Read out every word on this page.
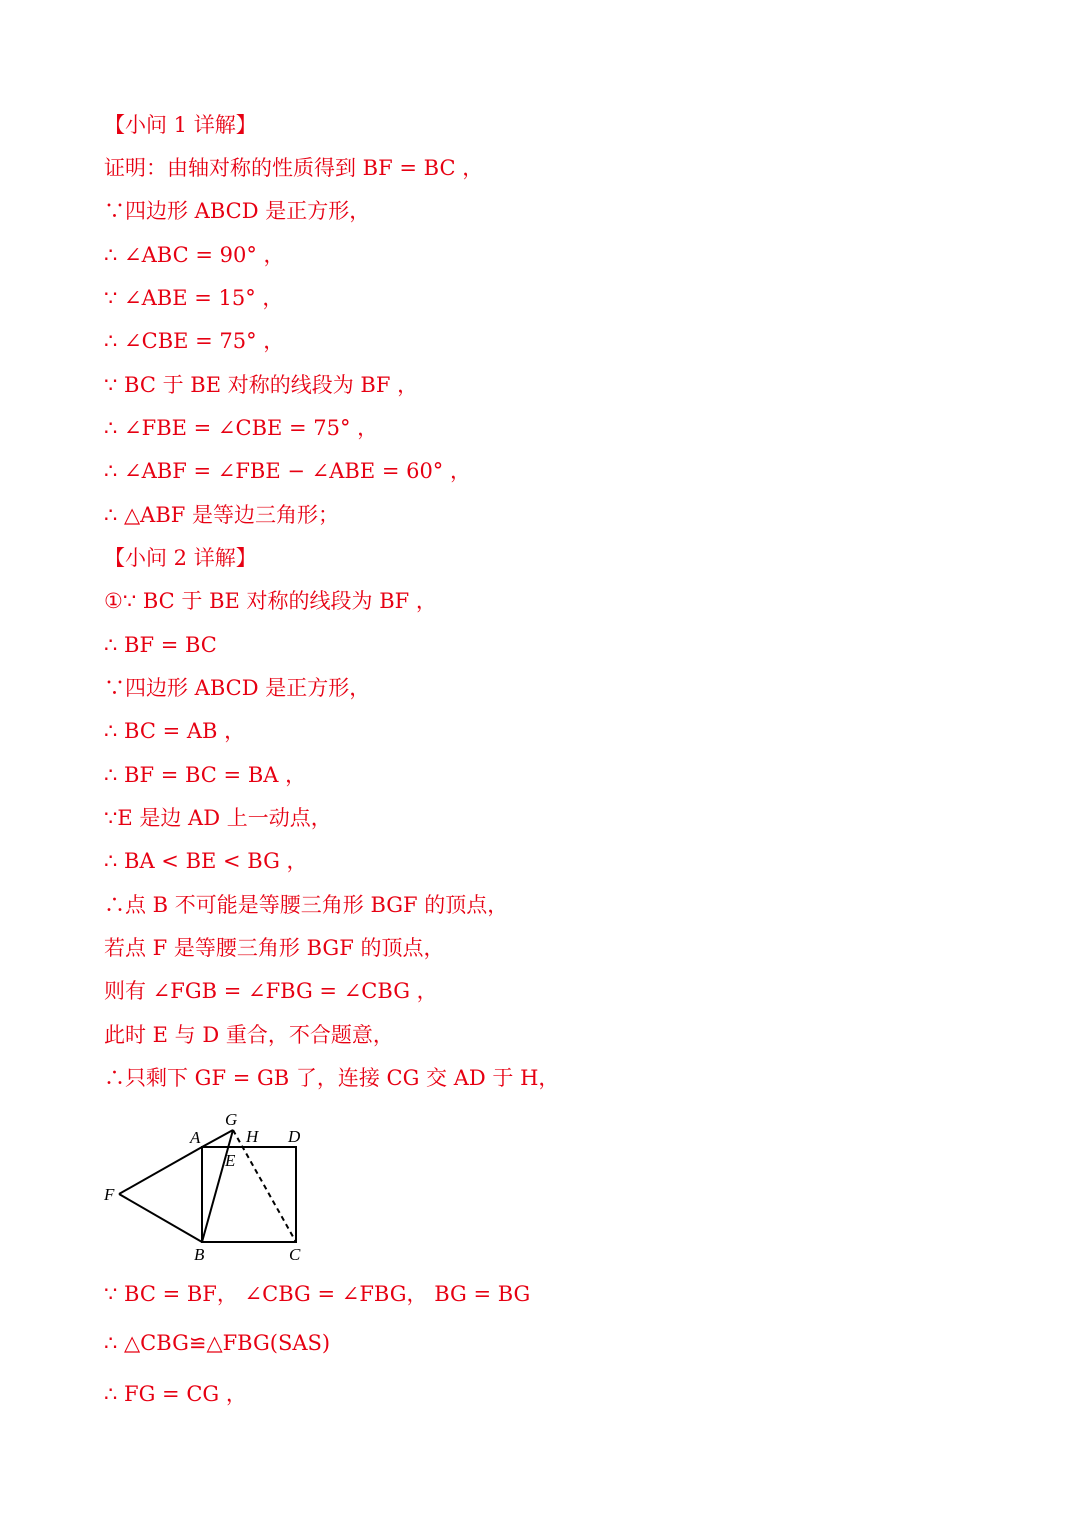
【小问 1 详解】
证明：由轴对称的性质得到 BF = BC ，
∵四边形 ABCD 是正方形，
∴ ∠ABC = 90° ，
∵ ∠ABE = 15° ，
∴ ∠CBE = 75° ，
∵ BC 于 BE 对称的线段为 BF ，
∴ ∠FBE = ∠CBE = 75° ，
∴ ∠ABF = ∠FBE − ∠ABE = 60° ，
∴ △ABF 是等边三角形；
【小问 2 详解】
①∵ BC 于 BE 对称的线段为 BF ，
∴ BF = BC
∵四边形 ABCD 是正方形，
∴ BC = AB ，
∴ BF = BC = BA ，
∵E 是边 AD 上一动点，
∴ BA < BE < BG ，
∴点 B 不可能是等腰三角形 BGF 的顶点，
若点 F 是等腰三角形 BGF 的顶点，
则有 ∠FGB = ∠FBG = ∠CBG ，
此时 E 与 D 重合，不合题意，
∴只剩下 GF = GB 了，连接 CG 交 AD 于 H，
G
A	H D
E
F
B	C
∵ BC = BF， ∠CBG = ∠FBG， BG = BG
∴ △CBG≌△FBG(SAS)
∴ FG = CG ，
